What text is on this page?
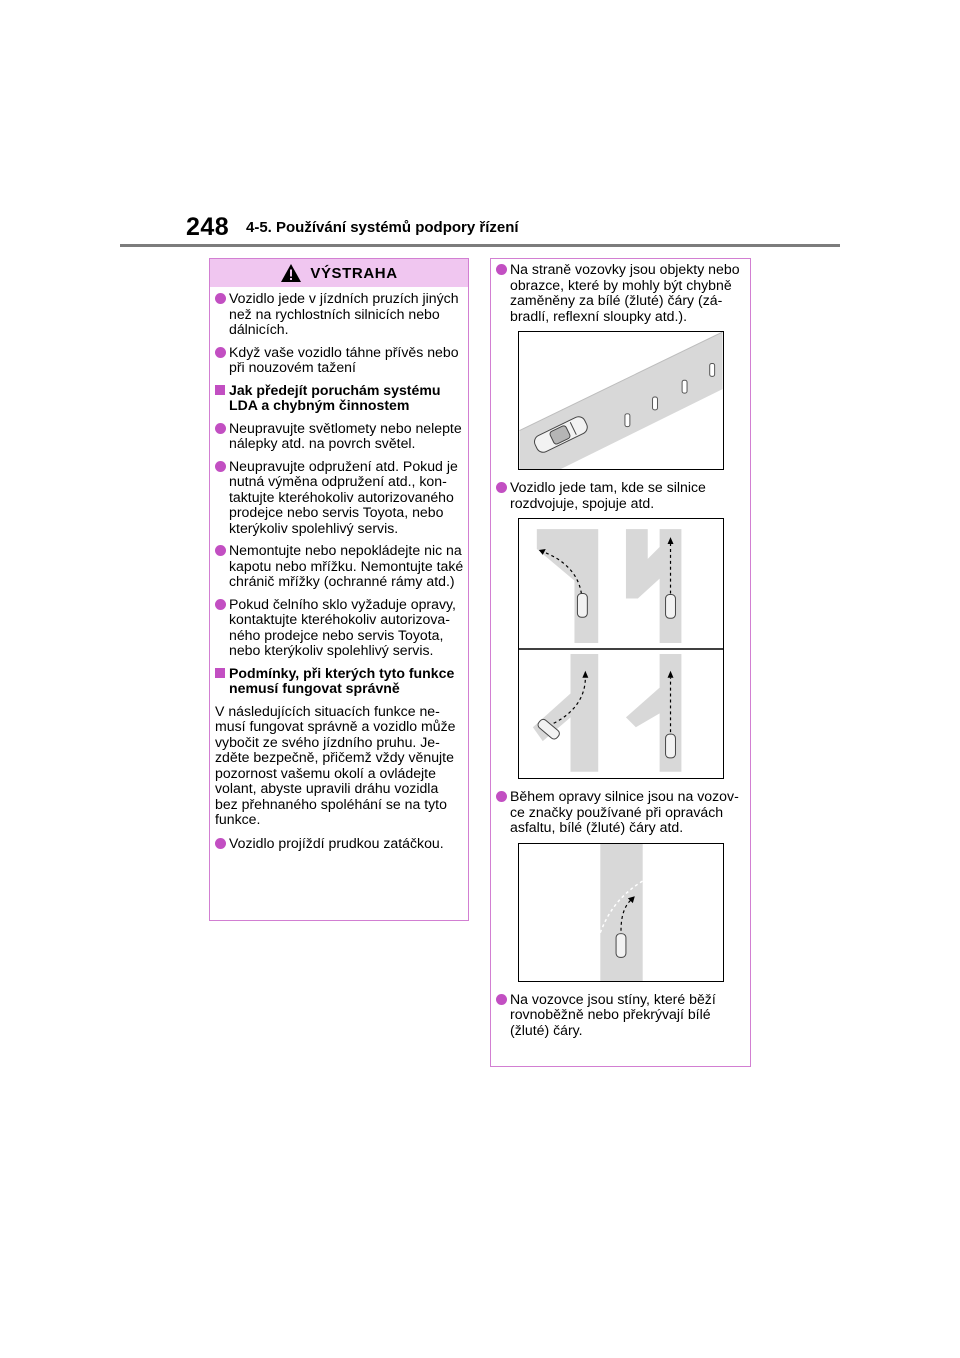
248 4-5. Používání systémů podpory řízení
VÝSTRAHA
Vozidlo jede v jízdních pruzích jiných než na rychlostních silnicích nebo dálnicích.
Když vaše vozidlo táhne přívěs nebo při nouzovém tažení
Jak předejít poruchám systému LDA a chybným činnostem
Neupravujte světlomety nebo nelepte nálepky atd. na povrch světel.
Neupravujte odpružení atd. Pokud je nutná výměna odpružení atd., kontaktujte kteréhokoliv autorizovaného prodejce nebo servis Toyota, nebo kterýkoliv spolehlivý servis.
Nemontujte nebo nepokládejte nic na kapotu nebo mřížku. Nemontujte také chránič mřížky (ochranné rámy atd.)
Pokud čelního sklo vyžaduje opravy, kontaktujte kteréhokoliv autorizovaného prodejce nebo servis Toyota, nebo kterýkoliv spolehlivý servis.
Podmínky, při kterých tyto funkce nemusí fungovat správně
V následujících situacích funkce nemusí fungovat správně a vozidlo může vybočit ze svého jízdního pruhu. Jezděte bezpečně, přičemž vždy věnujte pozornost vašemu okolí a ovládejte volant, abyste upravili dráhu vozidla bez přehnaného spoléhání se na tyto funkce.
Vozidlo projíždí prudkou zatáčkou.
Na straně vozovky jsou objekty nebo obrazce, které by mohly být chybně zaměněny za bílé (žluté) čáry (zábradlí, reflexní sloupky atd.).
Vozidlo jede tam, kde se silnice rozdvojuje, spojuje atd.
Během opravy silnice jsou na vozovce značky používané při opravách asfaltu, bílé (žluté) čáry atd.
Na vozovce jsou stíny, které běží rovnoběžně nebo překrývají bílé (žluté) čáry.
